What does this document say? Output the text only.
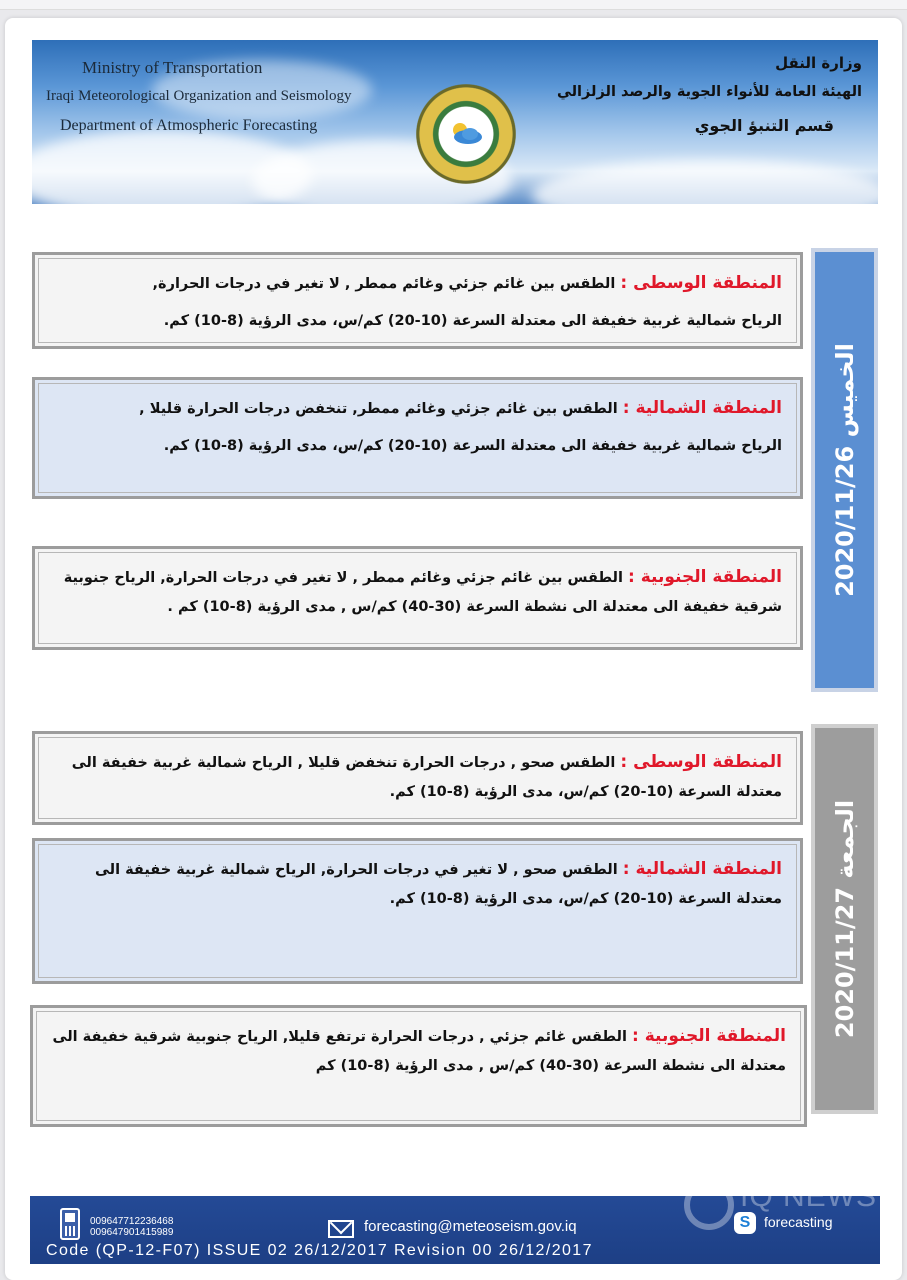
Ministry of Transportation
Iraqi Meteorological Organization and Seismology
Department of Atmospheric Forecasting
وزارة النقل
الهيئة العامة للأنواء الجوية والرصد الزلزالي
قسم التنبؤ الجوي
الخميس 2020/11/26

المنطقة الوسطى : الطقس بين غائم جزئي وغائم ممطر , لا تغير في درجات الحرارة,

الرياح شمالية غربية خفيفة الى معتدلة السرعة (10-20) كم/س، مدى الرؤية (8-10) كم.

المنطقة الشمالية : الطقس بين غائم جزئي وغائم ممطر, تنخفض درجات الحرارة قليلا ,

الرياح شمالية غربية خفيفة الى معتدلة السرعة (10-20) كم/س، مدى الرؤية (8-10) كم.

المنطقة الجنوبية : الطقس بين غائم جزئي وغائم ممطر , لا تغير في درجات الحرارة, الرياح جنوبية شرقية خفيفة الى معتدلة الى نشطة السرعة (30-40) كم/س , مدى الرؤية (8-10) كم .

الجمعة 2020/11/27

المنطقة الوسطى : الطقس صحو , درجات الحرارة تنخفض قليلا , الرياح شمالية غربية خفيفة الى معتدلة السرعة (10-20) كم/س، مدى الرؤية (8-10) كم.

المنطقة الشمالية : الطقس صحو , لا تغير في درجات الحرارة, الرياح شمالية غربية خفيفة الى معتدلة السرعة (10-20) كم/س، مدى الرؤية (8-10) كم.

المنطقة الجنوبية : الطقس غائم جزئي , درجات الحرارة ترتفع قليلا, الرياح جنوبية شرقية خفيفة الى معتدلة الى نشطة السرعة (30-40) كم/س , مدى الرؤية (8-10) كم

009647712236468
009647901415989	forecasting@meteoseism.gov.iq	S forecasting
Code (QP-12-F07) ISSUE 02 26/12/2017 Revision 00 26/12/2017
IQ NEWS
